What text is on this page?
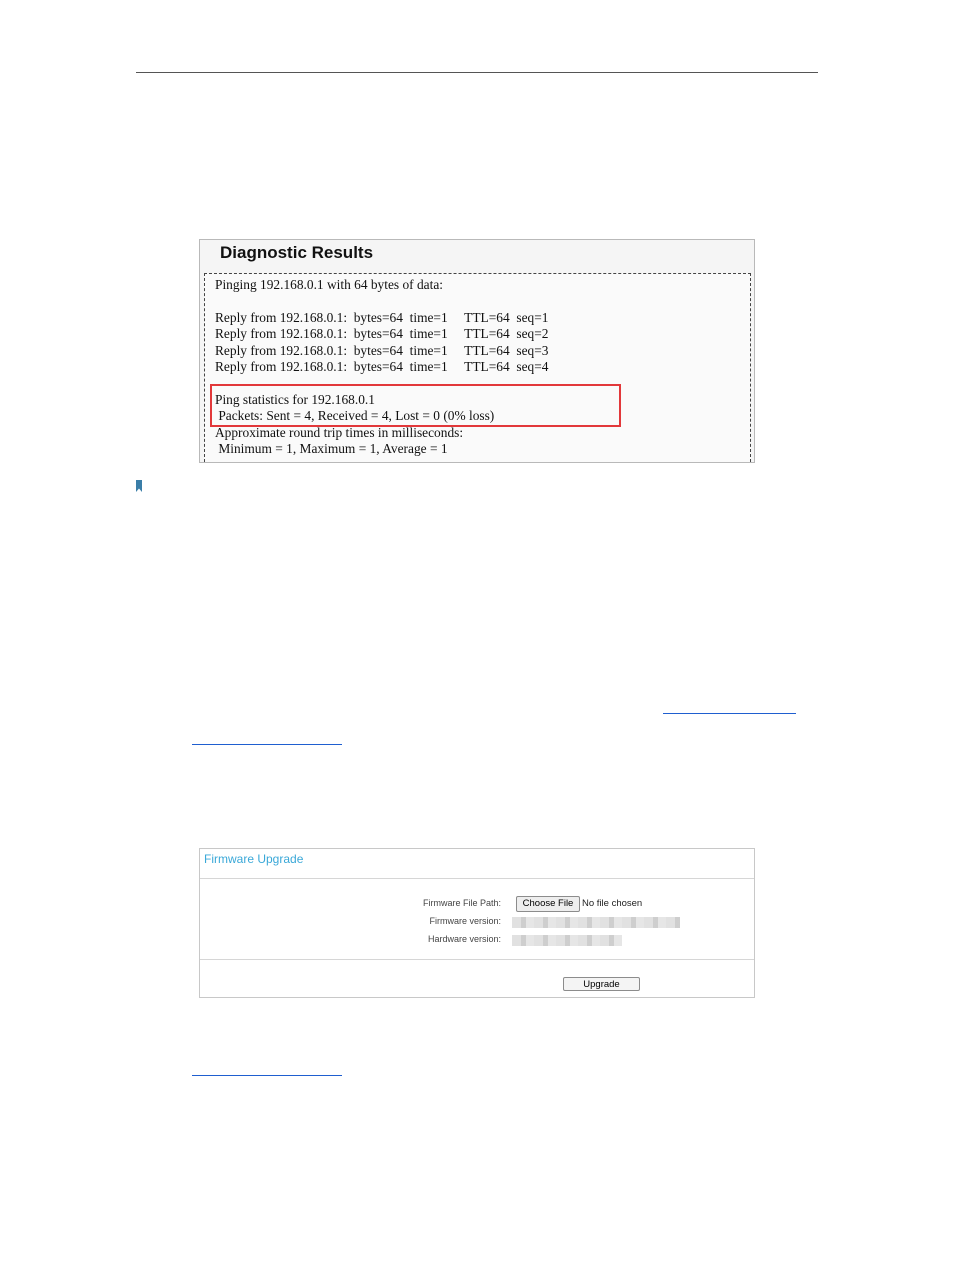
Diagnostic Results
Pinging 192.168.0.1 with 64 bytes of data:
Reply from 192.168.0.1:  bytes=64  time=1     TTL=64  seq=1
Reply from 192.168.0.1:  bytes=64  time=1     TTL=64  seq=2
Reply from 192.168.0.1:  bytes=64  time=1     TTL=64  seq=3
Reply from 192.168.0.1:  bytes=64  time=1     TTL=64  seq=4
Ping statistics for 192.168.0.1
Packets: Sent = 4, Received = 4, Lost = 0 (0% loss)
Approximate round trip times in milliseconds:
Minimum = 1, Maximum = 1, Average = 1
Firmware Upgrade
Firmware File Path:	Choose File No file chosen
Firmware version:
Hardware version:
Upgrade
